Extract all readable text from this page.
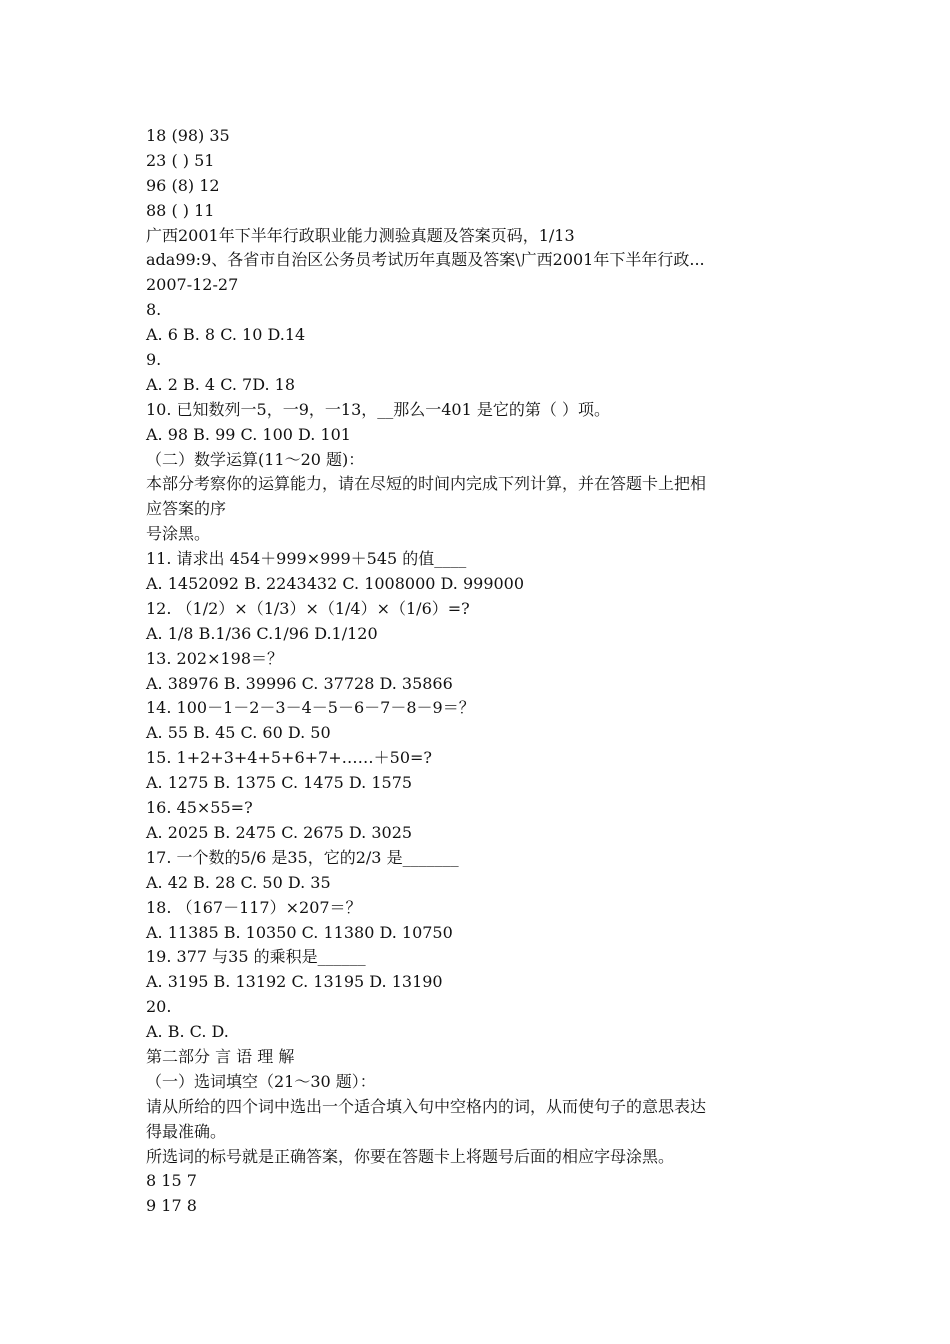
18 (98) 35
23 ( ) 51
96 (8) 12
88 ( ) 11
广西2001年下半年行政职业能力测验真题及答案页码，1/13
ada99:9、各省市自治区公务员考试历年真题及答案\广西2001年下半年行政...
2007-12-27
8.
A. 6 B. 8 C. 10 D.14
9.
A. 2 B. 4 C. 7D. 18
10. 已知数列一5，一9，一13，__那么一401 是它的第（ ）项。
A. 98 B. 99 C. 100 D. 101
（二）数学运算(11～20 题)：
本部分考察你的运算能力，请在尽短的时间内完成下列计算，并在答题卡上把相
应答案的序
号涂黑。
11. 请求出 454＋999×999＋545 的值____
A. 1452092 B. 2243432 C. 1008000 D. 999000
12. （1/2）×（1/3）×（1/4）×（1/6）=?
A. 1/8 B.1/36 C.1/96 D.1/120
13. 202×198＝？
A. 38976 B. 39996 C. 37728 D. 35866
14. 100－1－2－3－4－5－6－7－8－9＝？
A. 55 B. 45 C. 60 D. 50
15. 1+2+3+4+5+6+7+……＋50=?
A. 1275 B. 1375 C. 1475 D. 1575
16. 45×55=?
A. 2025 B. 2475 C. 2675 D. 3025
17. 一个数的5/6 是35，它的2/3 是_______
A. 42 B. 28 C. 50 D. 35
18. （167－117）×207＝？
A. 11385 B. 10350 C. 11380 D. 10750
19. 377 与35 的乘积是______
A. 3195 B. 13192 C. 13195 D. 13190
20.
A. B. C. D.
第二部分 言 语 理 解
（一）选词填空（21～30 题）：
请从所给的四个词中选出一个适合填入句中空格内的词，从而使句子的意思表达
得最准确。
所选词的标号就是正确答案，你要在答题卡上将题号后面的相应字母涂黑。
8 15 7
9 17 8
